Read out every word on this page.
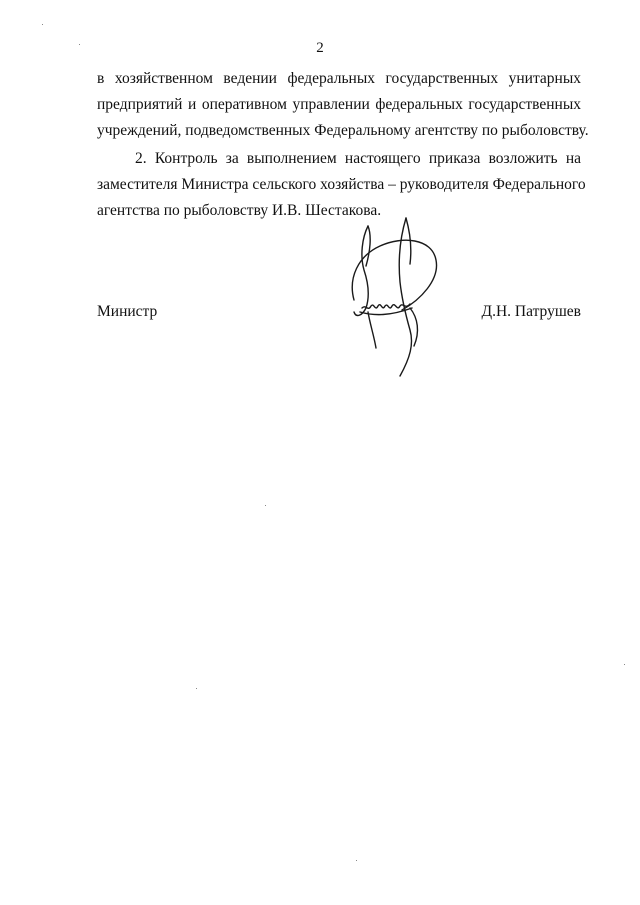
2
в хозяйственном ведении федеральных государственных унитарных
предприятий и оперативном управлении федеральных государственных
учреждений, подведомственных Федеральному агентству по рыболовству.
2. Контроль за выполнением настоящего приказа возложить на
заместителя Министра сельского хозяйства – руководителя Федерального
агентства по рыболовству И.В. Шестакова.
Министр	Д.Н. Патрушев
